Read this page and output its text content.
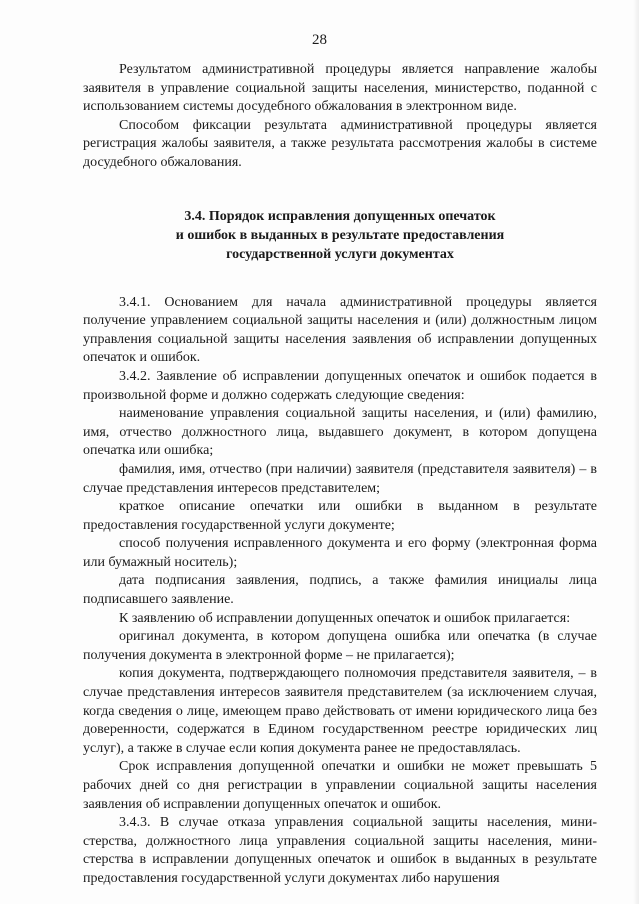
28

Результатом административной процедуры является направление жалобы заявителя в управление социальной защиты населения, министерство, поданной с использованием системы досудебного обжалования в электронном виде.

Способом фиксации результата административной процедуры является регистрация жалобы заявителя, а также результата рассмотрения жалобы в системе досудебного обжалования.

3.4. Порядок исправления допущенных опечаток
и ошибок в выданных в результате предоставления
государственной услуги документах

3.4.1. Основанием для начала административной процедуры является получение управлением социальной защиты населения и (или) должностным лицом управления социальной защиты населения заявления об исправлении допущенных опечаток и ошибок.

3.4.2. Заявление об исправлении допущенных опечаток и ошибок подается в произвольной форме и должно содержать следующие сведения:

наименование управления социальной защиты населения, и (или) фамилию, имя, отчество должностного лица, выдавшего документ, в котором допущена опечатка или ошибка;

фамилия, имя, отчество (при наличии) заявителя (представителя заявителя) – в случае представления интересов представителем;

краткое описание опечатки или ошибки в выданном в результате предоставления государственной услуги документе;

способ получения исправленного документа и его форму (электронная форма или бумажный носитель);

дата подписания заявления, подпись, а также фамилия инициалы лица подписавшего заявление.

К заявлению об исправлении допущенных опечаток и ошибок прилагается:

оригинал документа, в котором допущена ошибка или опечатка (в случае получения документа в электронной форме – не прилагается);

копия документа, подтверждающего полномочия представителя заявителя, – в случае представления интересов заявителя представителем (за исключением случая, когда сведения о лице, имеющем право действовать от имени юридического лица без доверенности, содержатся в Едином государственном реестре юридических лиц услуг), а также в случае если копия документа ранее не предоставлялась.

Срок исправления допущенной опечатки и ошибки не может превышать 5 рабочих дней со дня регистрации в управлении социальной защиты населения заявления об исправлении допущенных опечаток и ошибок.

3.4.3. В случае отказа управления социальной защиты населения, министерства, должностного лица управления социальной защиты населения, министерства в исправлении допущенных опечаток и ошибок в выданных в результате предоставления государственной услуги документах либо нарушения
